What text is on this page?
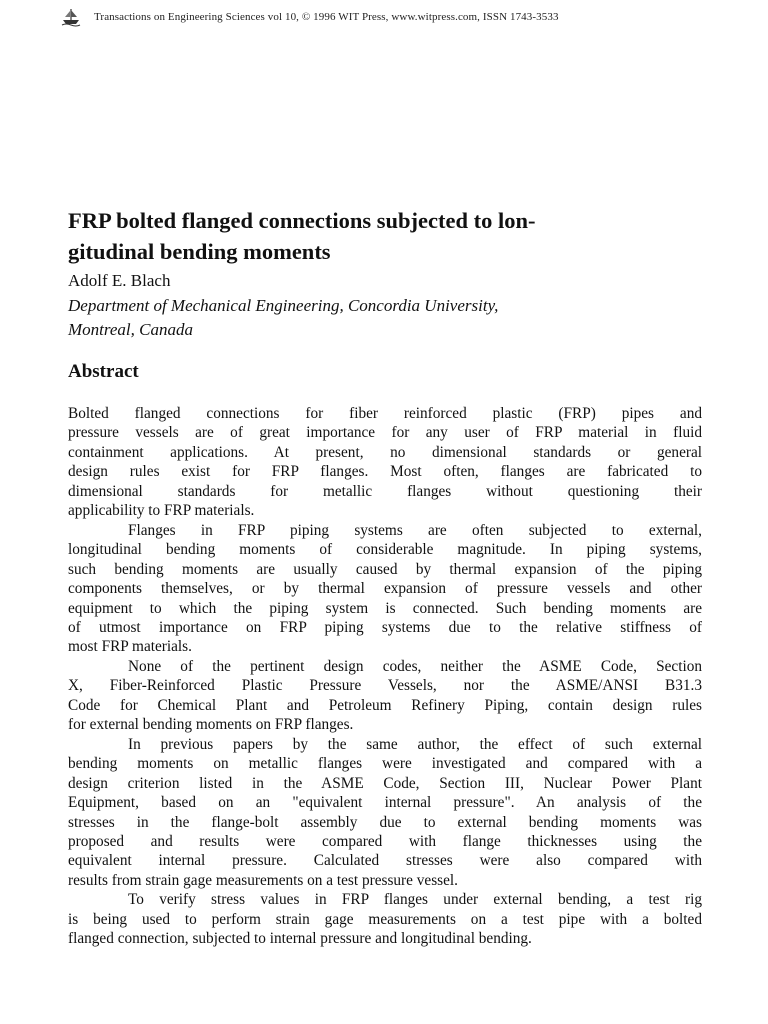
Transactions on Engineering Sciences vol 10, © 1996 WIT Press, www.witpress.com, ISSN 1743-3533
FRP bolted flanged connections subjected to lon-
gitudinal bending moments
Adolf E. Blach
Department of Mechanical Engineering, Concordia University,
Montreal, Canada
Abstract
Bolted flanged connections for fiber reinforced plastic (FRP) pipes and
pressure vessels are of great importance for any user of FRP material in fluid
containment applications. At present, no dimensional standards or general
design rules exist for FRP flanges. Most often, flanges are fabricated to
dimensional standards for metallic flanges without questioning their
applicability to FRP materials.
Flanges in FRP piping systems are often subjected to external,
longitudinal bending moments of considerable magnitude. In piping systems,
such bending moments are usually caused by thermal expansion of the piping
components themselves, or by thermal expansion of pressure vessels and other
equipment to which the piping system is connected. Such bending moments are
of utmost importance on FRP piping systems due to the relative stiffness of
most FRP materials.
None of the pertinent design codes, neither the ASME Code, Section
X, Fiber-Reinforced Plastic Pressure Vessels, nor the ASME/ANSI B31.3
Code for Chemical Plant and Petroleum Refinery Piping, contain design rules
for external bending moments on FRP flanges.
In previous papers by the same author, the effect of such external
bending moments on metallic flanges were investigated and compared with a
design criterion listed in the ASME Code, Section III, Nuclear Power Plant
Equipment, based on an "equivalent internal pressure". An analysis of the
stresses in the flange-bolt assembly due to external bending moments was
proposed and results were compared with flange thicknesses using the
equivalent internal pressure. Calculated stresses were also compared with
results from strain gage measurements on a test pressure vessel.
To verify stress values in FRP flanges under external bending, a test rig
is being used to perform strain gage measurements on a test pipe with a bolted
flanged connection, subjected to internal pressure and longitudinal bending.
